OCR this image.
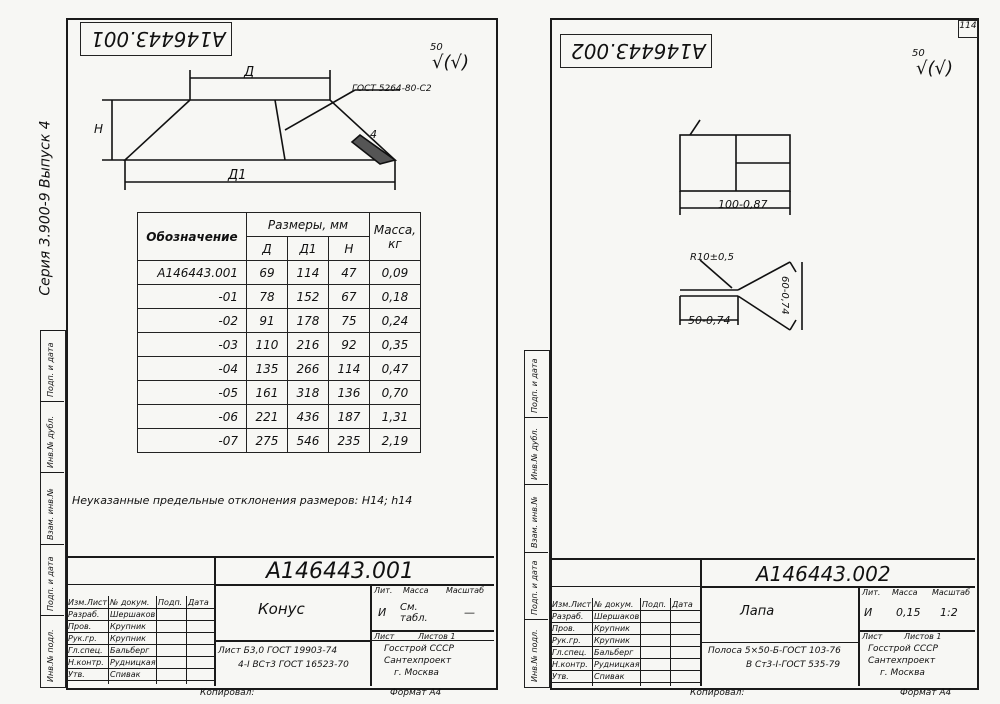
A146443.001	50
√(√)
Серия 3.900-9 Выпуск 4
Д
Д1
Н
ГОСТ 5264-80-С2
4
Обозначение	Размеры, мм			Масса, кг
	Д	Д1	Н	
А146443.001	69	114	47	0,09
-01	78	152	67	0,18
-02	91	178	75	0,24
-03	110	216	92	0,35
-04	135	266	114	0,47
-05	161	318	136	0,70
-06	221	436	187	1,31
-07	275	546	235	2,19
Неуказанные предельные отклонения размеров: Н14; h14
Инв.№ подл.
Подп. и дата
Взам. инв.№
Инв.№ дубл.
Подп. и дата
А146443.001
Конус
Лист Б3,0 ГОСТ 19903-74
4-I ВСт3 ГОСТ 16523-70
Лит. Масса Масштаб
И См. табл.	—
Лист	Листов 1
Госстрой СССР
Сантехпроект
г. Москва
Изм.Лист № докум.
Разраб. Шершаков
Пров. Крупник
Рук.гр. Крупник
Гл.спец. Бальберг
Н.контр. Рудницкая
Утв.	Спивак
Подп. Дата
Копировал:	Формат А4
114
A146443.002	50
√(√)
100-0,87
R10±0,5
50-0,74
60-0,74
Инв.№ подл.
Подп. и дата
Взам. инв.№
Инв.№ дубл.
Подп. и дата
А146443.002
Лапа
Полоса 5×50-Б-ГОСТ 103-76
В Ст3-I-ГОСТ 535-79
Лит. Масса Масштаб
И 0,15 1:2
Лист	Листов 1
Госстрой СССР
Сантехпроект
г. Москва
Изм.Лист № докум.
Разраб. Шершаков
Пров. Крупник
Рук.гр. Крупник
Гл.спец. Бальберг
Н.контр. Рудницкая
Утв.	Спивак
Подп. Дата
Копировал:	Формат А4
